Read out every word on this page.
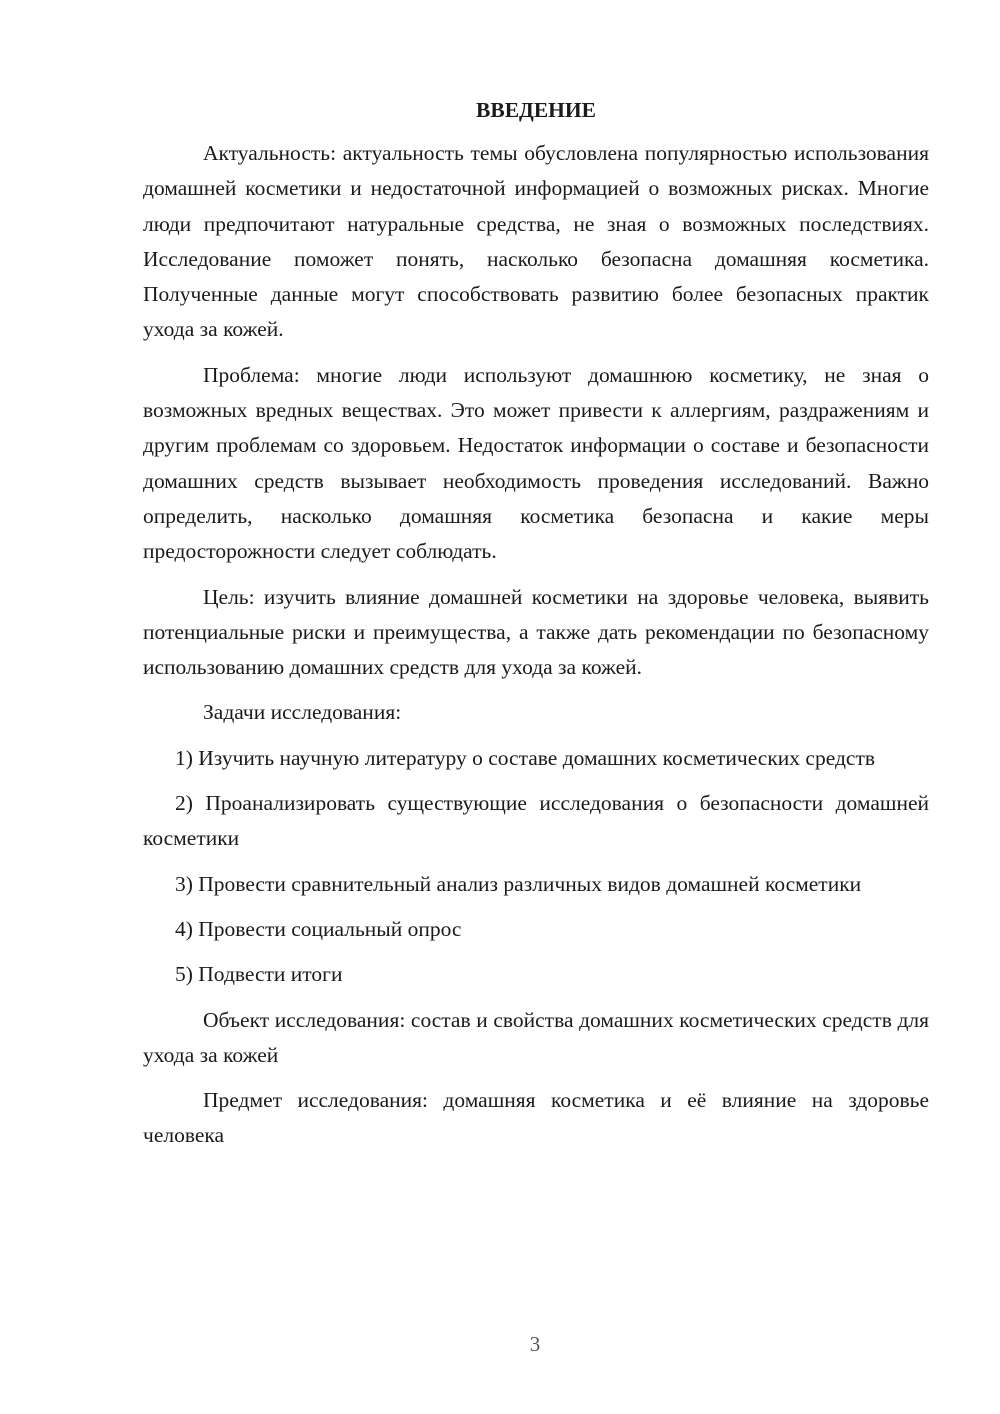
ВВЕДЕНИЕ

Актуальность: актуальность темы обусловлена популярностью использования домашней косметики и недостаточной информацией о возможных рисках. Многие люди предпочитают натуральные средства, не зная о возможных последствиях. Исследование поможет понять, насколько безопасна домашняя косметика. Полученные данные могут способствовать развитию более безопасных практик ухода за кожей.

Проблема: многие люди используют домашнюю косметику, не зная о возможных вредных веществах. Это может привести к аллергиям, раздражениям и другим проблемам со здоровьем. Недостаток информации о составе и безопасности домашних средств вызывает необходимость проведения исследований. Важно определить, насколько домашняя косметика безопасна и какие меры предосторожности следует соблюдать.

Цель: изучить влияние домашней косметики на здоровье человека, выявить потенциальные риски и преимущества, а также дать рекомендации по безопасному использованию домашних средств для ухода за кожей.

Задачи исследования:

1) Изучить научную литературу о составе домашних косметических средств

2) Проанализировать существующие исследования о безопасности домашней косметики

3) Провести сравнительный анализ различных видов домашней косметики

4) Провести социальный опрос

5) Подвести итоги

Объект исследования: состав и свойства домашних косметических средств для ухода за кожей

Предмет исследования: домашняя косметика и её влияние на здоровье человека

3
